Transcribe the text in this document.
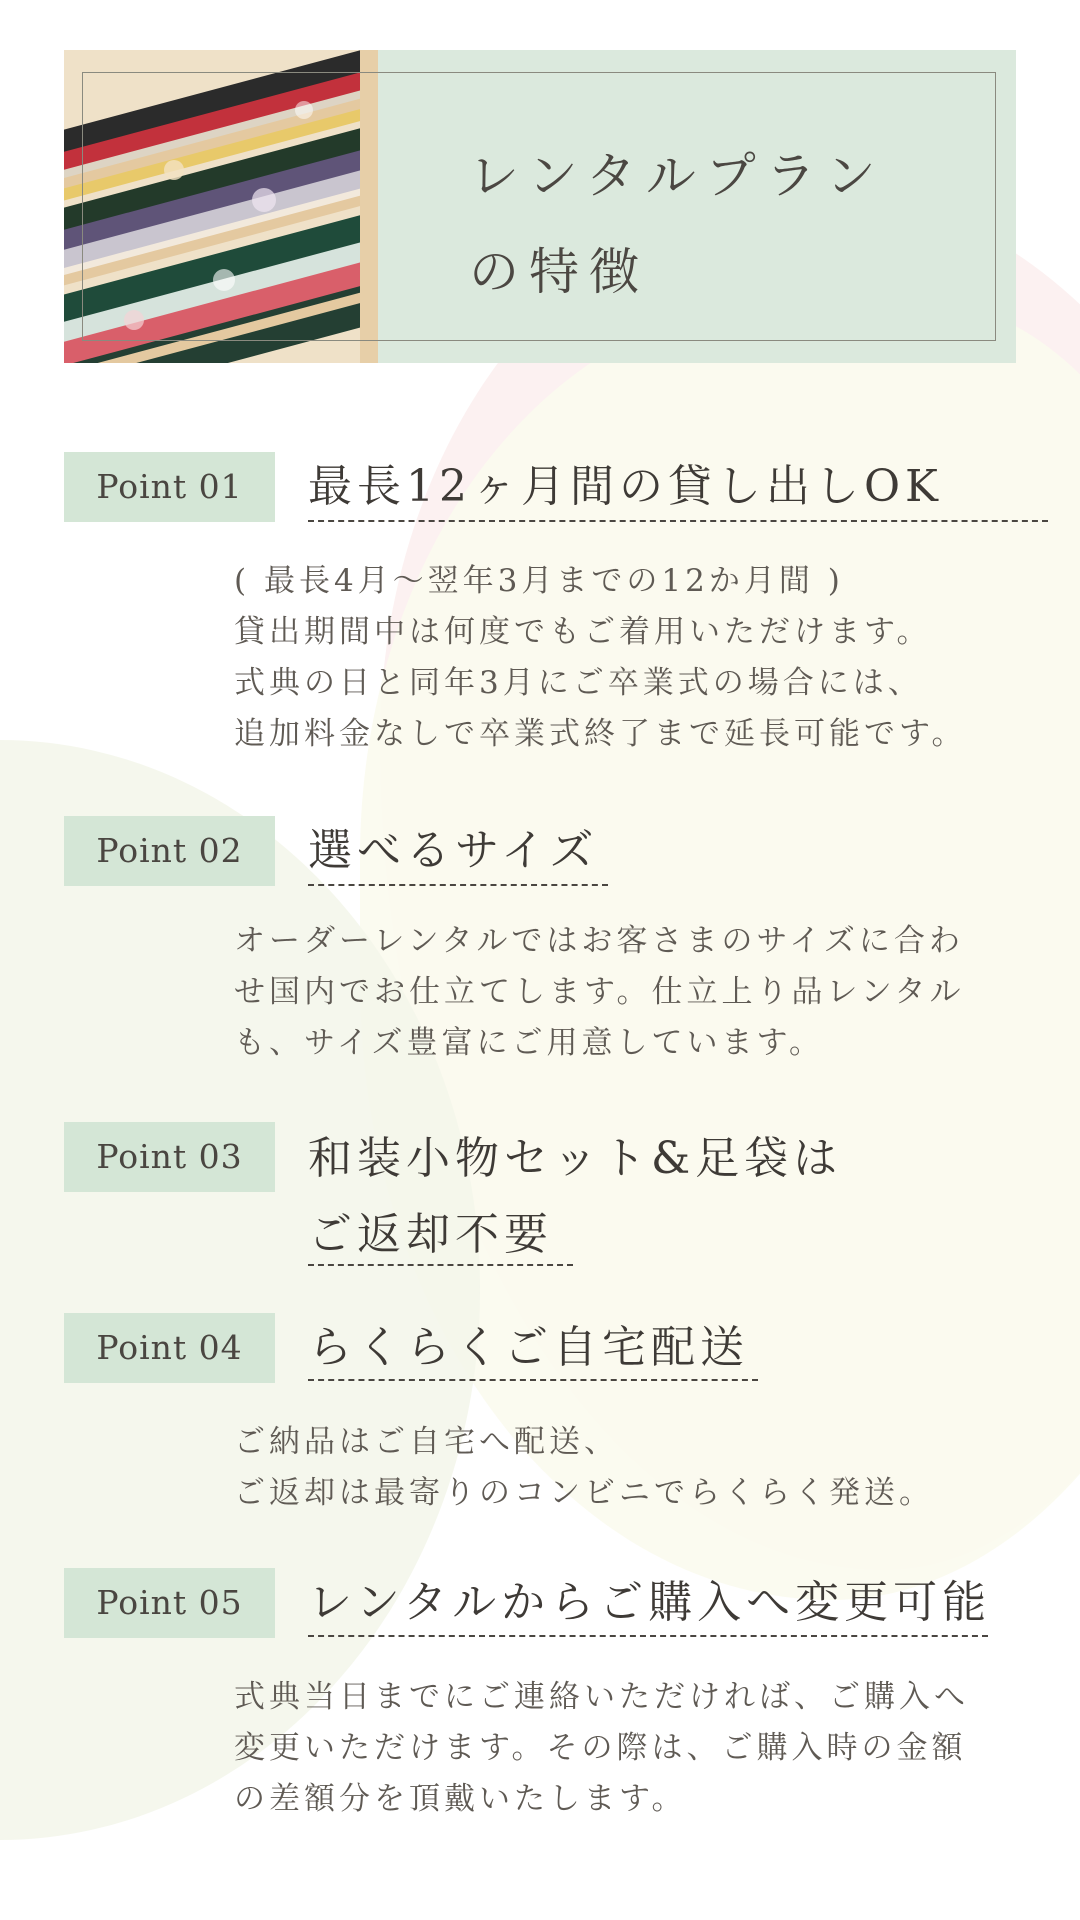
レンタルプラン
の特徴
Point 01	最長12ヶ月間の貸し出しOK
( 最長4月〜翌年3月までの12か月間 )
貸出期間中は何度でもご着用いただけます。
式典の日と同年3月にご卒業式の場合には、
追加料金なしで卒業式終了まで延長可能です。
Point 02	選べるサイズ
オーダーレンタルではお客さまのサイズに合わ
せ国内でお仕立てします。仕立上り品レンタル
も、サイズ豊富にご用意しています。
Point 03	和装小物セット&足袋は
ご返却不要
Point 04	らくらくご自宅配送
ご納品はご自宅へ配送、
ご返却は最寄りのコンビニでらくらく発送。
Point 05	レンタルからご購入へ変更可能
式典当日までにご連絡いただければ、ご購入へ
変更いただけます。その際は、ご購入時の金額
の差額分を頂戴いたします。
